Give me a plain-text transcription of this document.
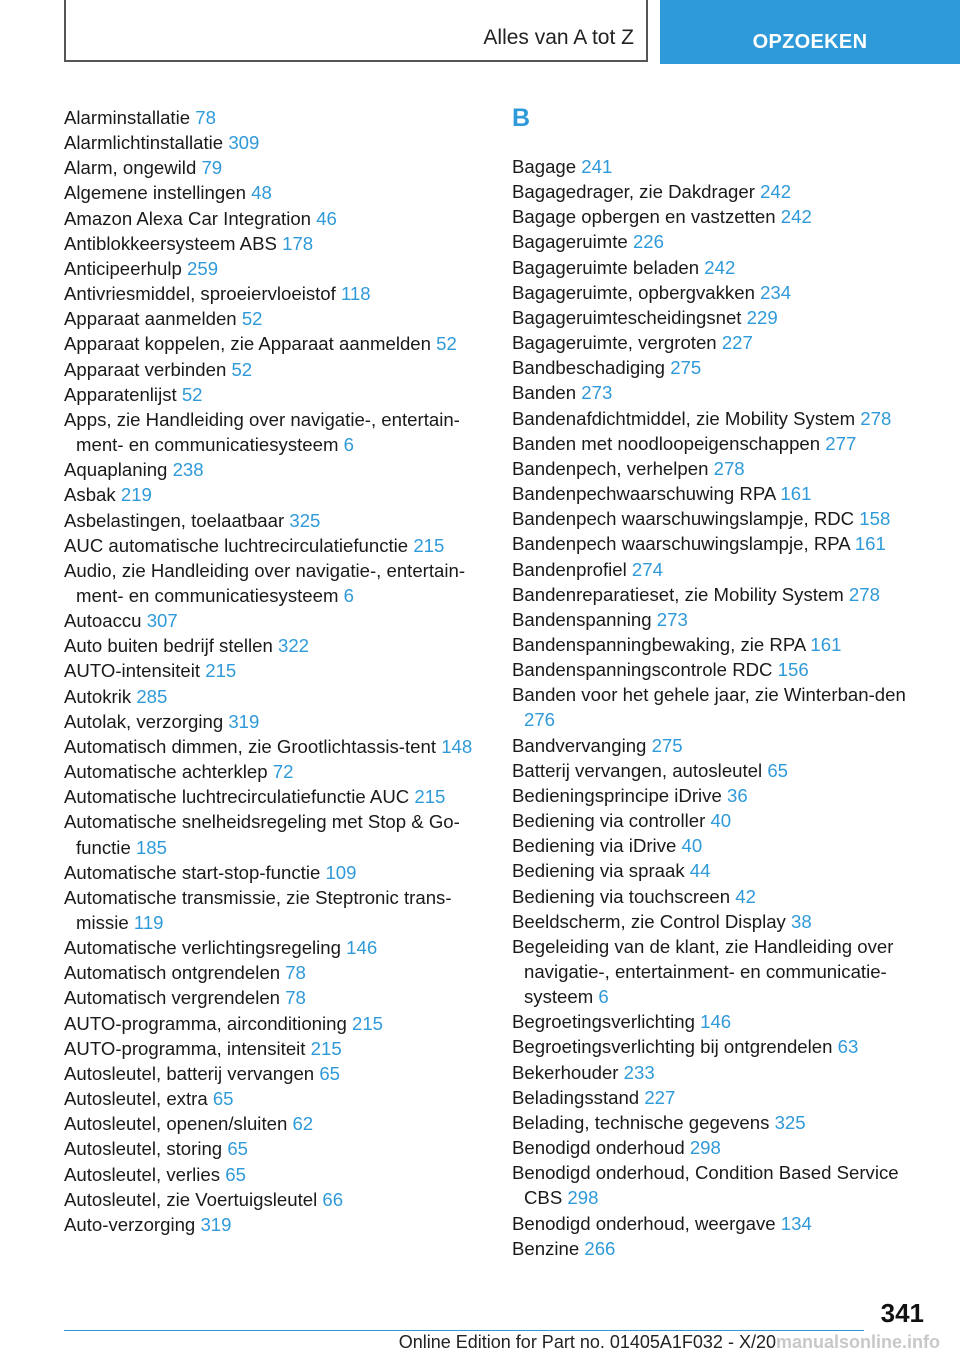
Alles van A tot Z	OPZOEKEN
Alarminstallatie 78
Alarmlichtinstallatie 309
Alarm, ongewild 79
Algemene instellingen 48
Amazon Alexa Car Integration 46
Antiblokkeersysteem ABS 178
Anticipeerhulp 259
Antivriesmiddel, sproeiervloeistof 118
Apparaat aanmelden 52
Apparaat koppelen, zie Apparaat aanmelden 52
Apparaat verbinden 52
Apparatenlijst 52
Apps, zie Handleiding over navigatie-, entertain-ment- en communicatiesysteem 6
Aquaplaning 238
Asbak 219
Asbelastingen, toelaatbaar 325
AUC automatische luchtrecirculatiefunctie 215
Audio, zie Handleiding over navigatie-, entertain-ment- en communicatiesysteem 6
Autoaccu 307
Auto buiten bedrijf stellen 322
AUTO-intensiteit 215
Autokrik 285
Autolak, verzorging 319
Automatisch dimmen, zie Grootlichtassis-tent 148
Automatische achterklep 72
Automatische luchtrecirculatiefunctie AUC 215
Automatische snelheidsregeling met Stop & Go-functie 185
Automatische start-stop-functie 109
Automatische transmissie, zie Steptronic trans-missie 119
Automatische verlichtingsregeling 146
Automatisch ontgrendelen 78
Automatisch vergrendelen 78
AUTO-programma, airconditioning 215
AUTO-programma, intensiteit 215
Autosleutel, batterij vervangen 65
Autosleutel, extra 65
Autosleutel, openen/sluiten 62
Autosleutel, storing 65
Autosleutel, verlies 65
Autosleutel, zie Voertuigsleutel 66
Auto-verzorging 319
B
Bagage 241
Bagagedrager, zie Dakdrager 242
Bagage opbergen en vastzetten 242
Bagageruimte 226
Bagageruimte beladen 242
Bagageruimte, opbergvakken 234
Bagageruimtescheidingsnet 229
Bagageruimte, vergroten 227
Bandbeschadiging 275
Banden 273
Bandenafdichtmiddel, zie Mobility System 278
Banden met noodloopeigenschappen 277
Bandenpech, verhelpen 278
Bandenpechwaarschuwing RPA 161
Bandenpech waarschuwingslampje, RDC 158
Bandenpech waarschuwingslampje, RPA 161
Bandenprofiel 274
Bandenreparatieset, zie Mobility System 278
Bandenspanning 273
Bandenspanningbewaking, zie RPA 161
Bandenspanningscontrole RDC 156
Banden voor het gehele jaar, zie Winterban-den 276
Bandvervanging 275
Batterij vervangen, autosleutel 65
Bedieningsprincipe iDrive 36
Bediening via controller 40
Bediening via iDrive 40
Bediening via spraak 44
Bediening via touchscreen 42
Beeldscherm, zie Control Display 38
Begeleiding van de klant, zie Handleiding over navigatie-, entertainment- en communicatie-systeem 6
Begroetingsverlichting 146
Begroetingsverlichting bij ontgrendelen 63
Bekerhouder 233
Beladingsstand 227
Belading, technische gegevens 325
Benodigd onderhoud 298
Benodigd onderhoud, Condition Based Service CBS 298
Benodigd onderhoud, weergave 134
Benzine 266
341
Online Edition for Part no. 01405A1F032 - X/20manualsonline.info
